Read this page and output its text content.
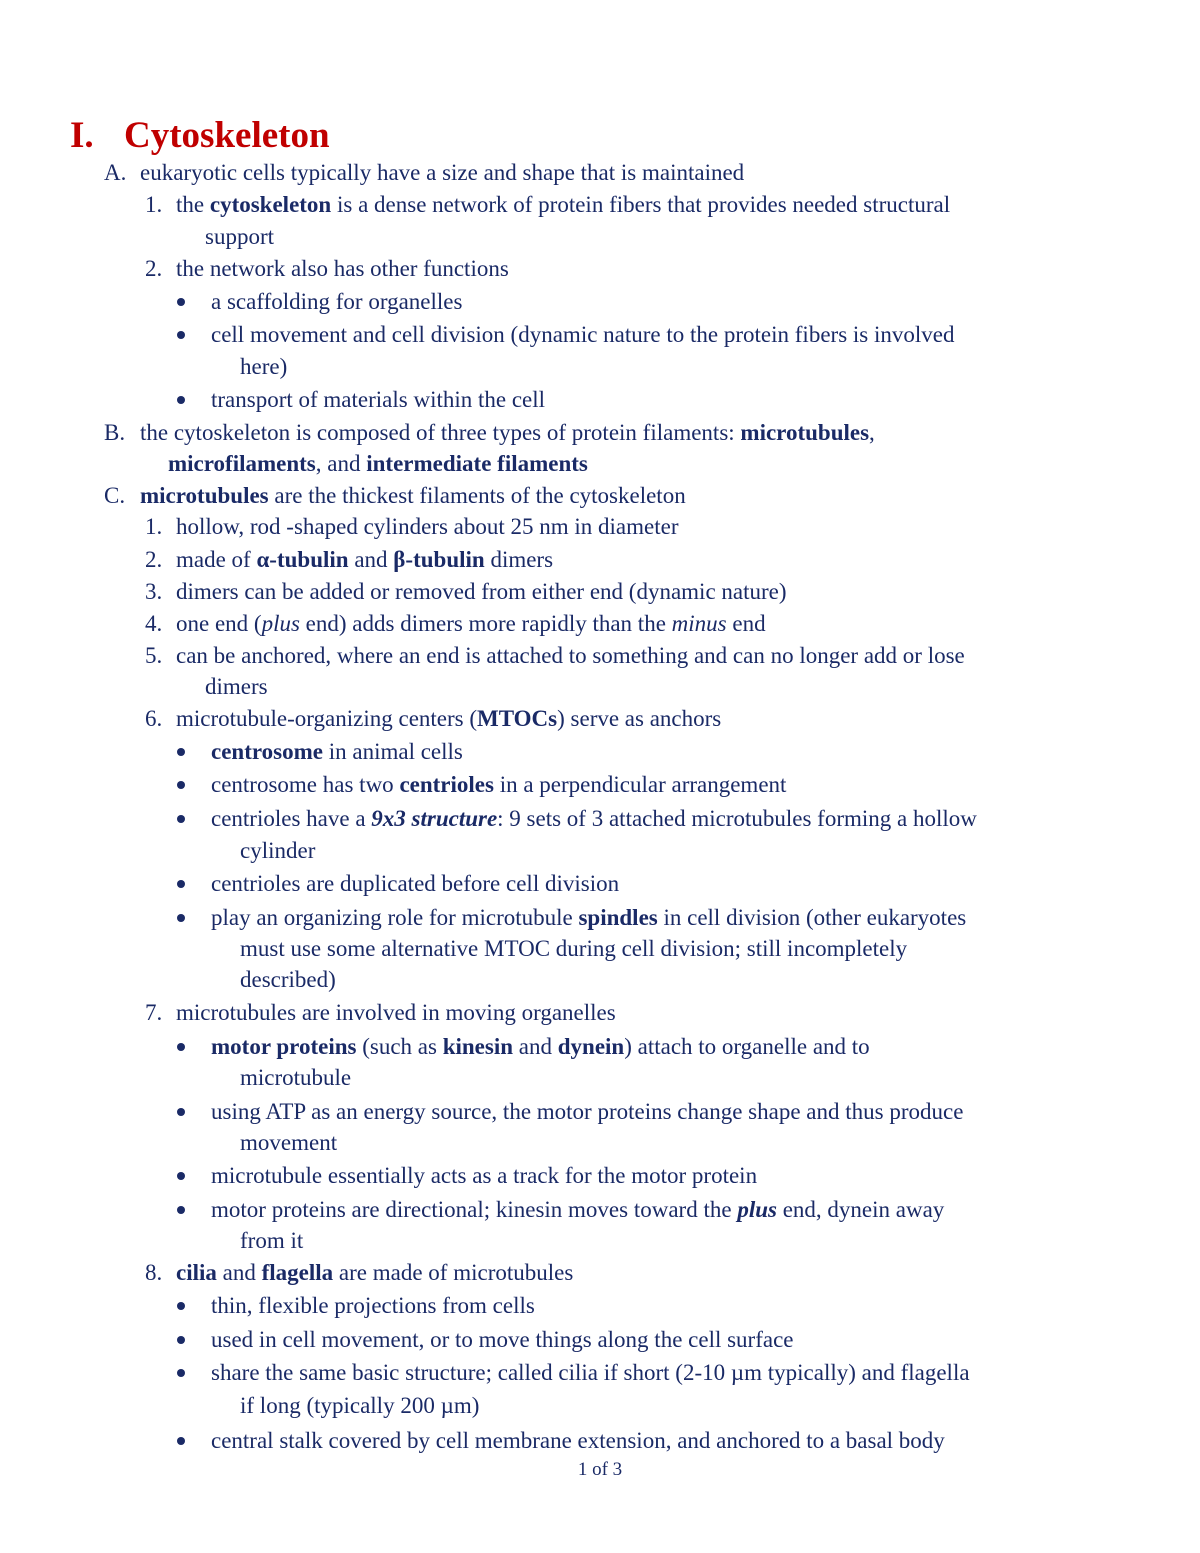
I. Cytoskeleton
A. eukaryotic cells typically have a size and shape that is maintained
1. the cytoskeleton is a dense network of protein fibers that provides needed structural
support
2. the network also has other functions
a scaffolding for organelles
cell movement and cell division (dynamic nature to the protein fibers is involved
here)
transport of materials within the cell
B. the cytoskeleton is composed of three types of protein filaments: microtubules,
microfilaments, and intermediate filaments
C. microtubules are the thickest filaments of the cytoskeleton
1. hollow, rod -shaped cylinders about 25 nm in diameter
2. made of α-tubulin and β-tubulin dimers
3. dimers can be added or removed from either end (dynamic nature)
4. one end (plus end) adds dimers more rapidly than the minus end
5. can be anchored, where an end is attached to something and can no longer add or lose
dimers
6. microtubule-organizing centers (MTOCs) serve as anchors
centrosome in animal cells
centrosome has two centrioles in a perpendicular arrangement
centrioles have a 9x3 structure: 9 sets of 3 attached microtubules forming a hollow
cylinder
centrioles are duplicated before cell division
play an organizing role for microtubule spindles in cell division (other eukaryotes
must use some alternative MTOC during cell division; still incompletely
described)
7. microtubules are involved in moving organelles
motor proteins (such as kinesin and dynein) attach to organelle and to
microtubule
using ATP as an energy source, the motor proteins change shape and thus produce
movement
microtubule essentially acts as a track for the motor protein
motor proteins are directional; kinesin moves toward the plus end, dynein away
from it
8. cilia and flagella are made of microtubules
thin, flexible projections from cells
used in cell movement, or to move things along the cell surface
share the same basic structure; called cilia if short (2-10 µm typically) and flagella
if long (typically 200 µm)
central stalk covered by cell membrane extension, and anchored to a basal body
1 of 3
